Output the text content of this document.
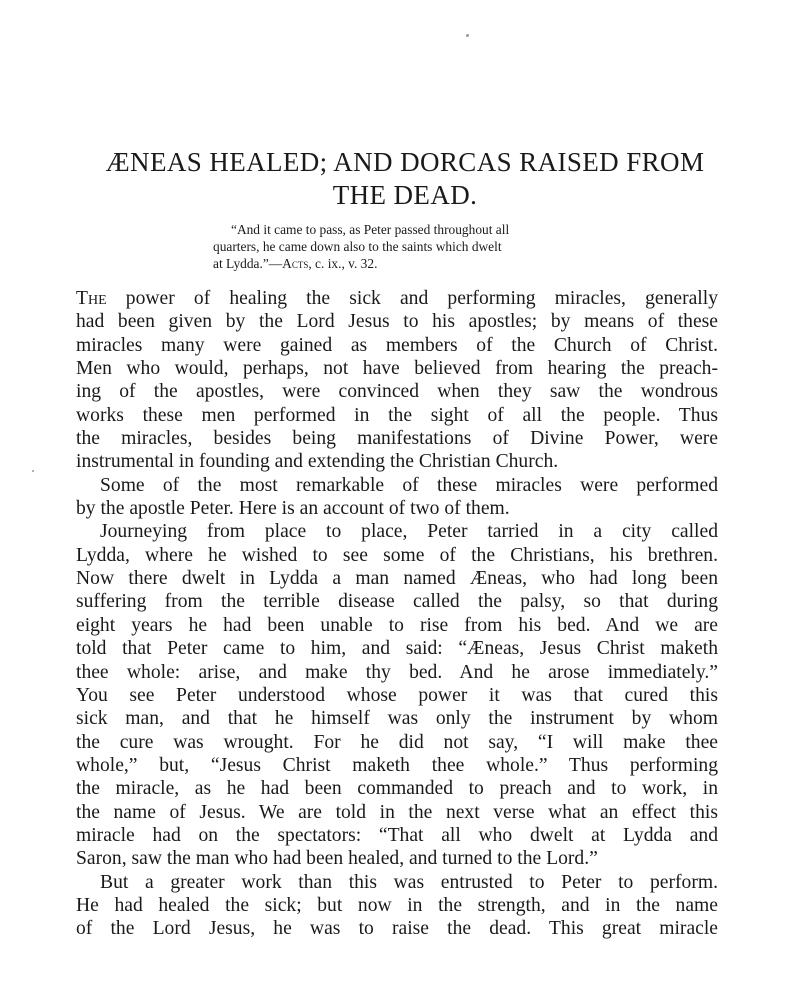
ÆNEAS HEALED; AND DORCAS RAISED FROM
THE DEAD.
“And it came to pass, as Peter passed throughout all
quarters, he came down also to the saints which dwelt
at Lydda.”—Acts, c. ix., v. 32.
The power of healing the sick and performing miracles, generally
had been given by the Lord Jesus to his apostles; by means of these
miracles many were gained as members of the Church of Christ.
Men who would, perhaps, not have believed from hearing the preach-
ing of the apostles, were convinced when they saw the wondrous
works these men performed in the sight of all the people. Thus
the miracles, besides being manifestations of Divine Power, were
instrumental in founding and extending the Christian Church.
Some of the most remarkable of these miracles were performed
by the apostle Peter. Here is an account of two of them.
Journeying from place to place, Peter tarried in a city called
Lydda, where he wished to see some of the Christians, his brethren.
Now there dwelt in Lydda a man named Æneas, who had long been
suffering from the terrible disease called the palsy, so that during
eight years he had been unable to rise from his bed. And we are
told that Peter came to him, and said: “Æneas, Jesus Christ maketh
thee whole: arise, and make thy bed. And he arose immediately.”
You see Peter understood whose power it was that cured this
sick man, and that he himself was only the instrument by whom
the cure was wrought. For he did not say, “I will make thee
whole,” but, “Jesus Christ maketh thee whole.” Thus performing
the miracle, as he had been commanded to preach and to work, in
the name of Jesus. We are told in the next verse what an effect this
miracle had on the spectators: “That all who dwelt at Lydda and
Saron, saw the man who had been healed, and turned to the Lord.”
But a greater work than this was entrusted to Peter to perform.
He had healed the sick; but now in the strength, and in the name
of the Lord Jesus, he was to raise the dead. This great miracle
